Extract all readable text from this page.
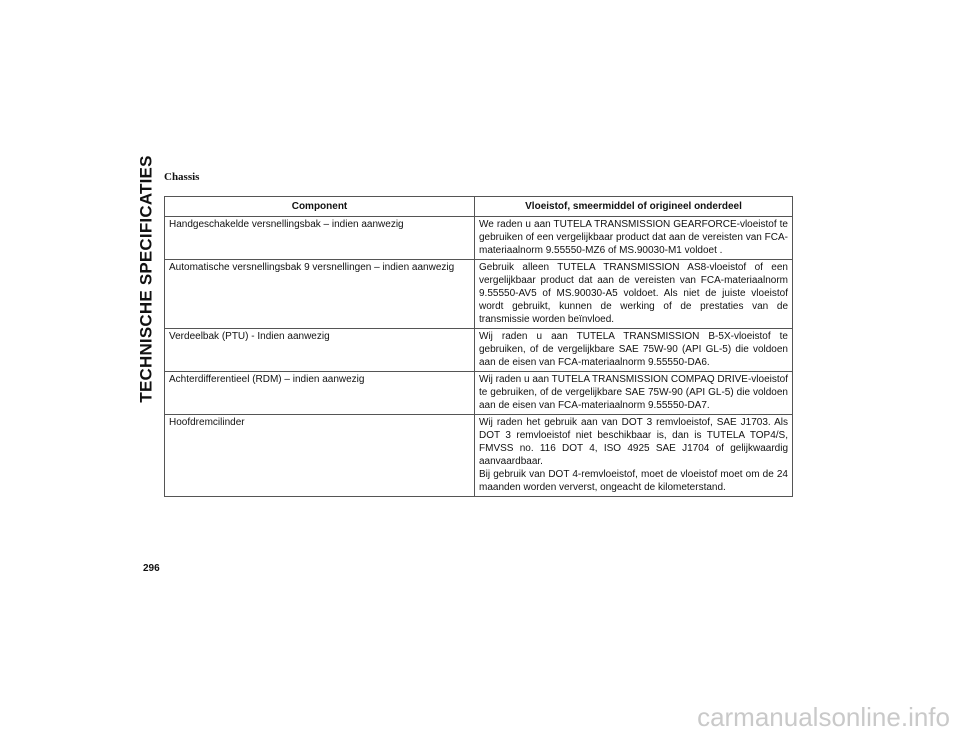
TECHNISCHE SPECIFICATIES Chassis
Component	Vloeistof, smeermiddel of origineel onderdeel
Handgeschakelde versnellingsbak – indien aanwezig	We raden u aan TUTELA TRANSMISSION GEARFORCE-vloeistof te gebruiken of een vergelijkbaar product dat aan de vereisten van FCA-materiaalnorm 9.55550-MZ6 of MS.90030-M1 voldoet .

Automatische versnellingsbak 9 versnellingen – indien aanwezig	Gebruik alleen TUTELA TRANSMISSION AS8-vloeistof of een vergelijkbaar product dat aan de vereisten van FCA-materiaalnorm 9.55550-AV5 of MS.90030-A5 voldoet. Als niet de juiste vloeistof wordt gebruikt, kunnen de werking of de prestaties van de transmissie worden beïnvloed.

Verdeelbak (PTU) - Indien aanwezig	Wij raden u aan TUTELA TRANSMISSION B-5X-vloeistof te gebruiken, of de vergelijkbare SAE 75W-90 (API GL-5) die voldoen aan de eisen van FCA-materiaalnorm 9.55550-DA6.

Achterdifferentieel (RDM) – indien aanwezig	Wij raden u aan TUTELA TRANSMISSION COMPAQ DRIVE-vloeistof te gebruiken, of de vergelijkbare SAE 75W-90 (API GL-5) die voldoen aan de eisen van FCA-materiaalnorm 9.55550-DA7.

Hoofdremcilinder	Wij raden het gebruik aan van DOT 3 remvloeistof, SAE J1703. Als DOT 3 remvloeistof niet beschikbaar is, dan is TUTELA TOP4/S, FMVSS no. 116 DOT 4, ISO 4925 SAE J1704 of gelijkwaardig aanvaardbaar.
Bij gebruik van DOT 4-remvloeistof, moet de vloeistof moet om de 24 maanden worden ververst, ongeacht de kilometerstand.
296
carmanualsonline.info
